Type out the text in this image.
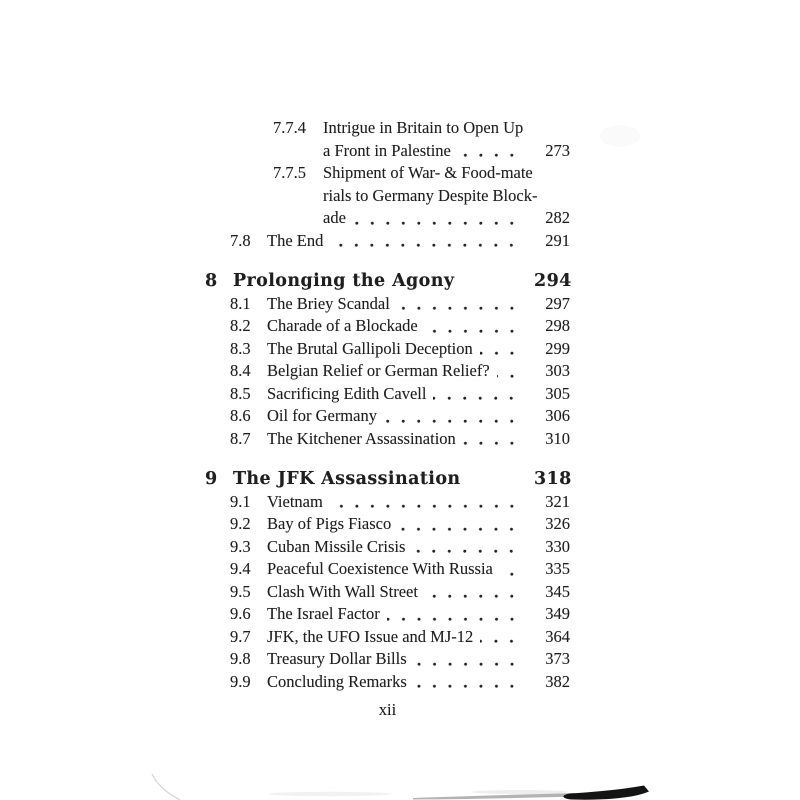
7.7.4	Intrigue in Britain to Open Up
a Front in Palestine	273
7.7.5	Shipment of War- & Food-mate
rials to Germany Despite Block-
ade	282
7.8 The End	291
8 Prolonging the Agony	294
8.1 The Briey Scandal	297
8.2 Charade of a Blockade	298
8.3 The Brutal Gallipoli Deception	299
8.4 Belgian Relief or German Relief?	303
8.5 Sacrificing Edith Cavell	305
8.6 Oil for Germany	306
8.7 The Kitchener Assassination	310
9 The JFK Assassination	318
9.1 Vietnam	321
9.2 Bay of Pigs Fiasco	326
9.3 Cuban Missile Crisis	330
9.4 Peaceful Coexistence With Russia	335
9.5 Clash With Wall Street	345
9.6 The Israel Factor	349
9.7 JFK, the UFO Issue and MJ-12	364
9.8 Treasury Dollar Bills	373
9.9 Concluding Remarks	382
xii
